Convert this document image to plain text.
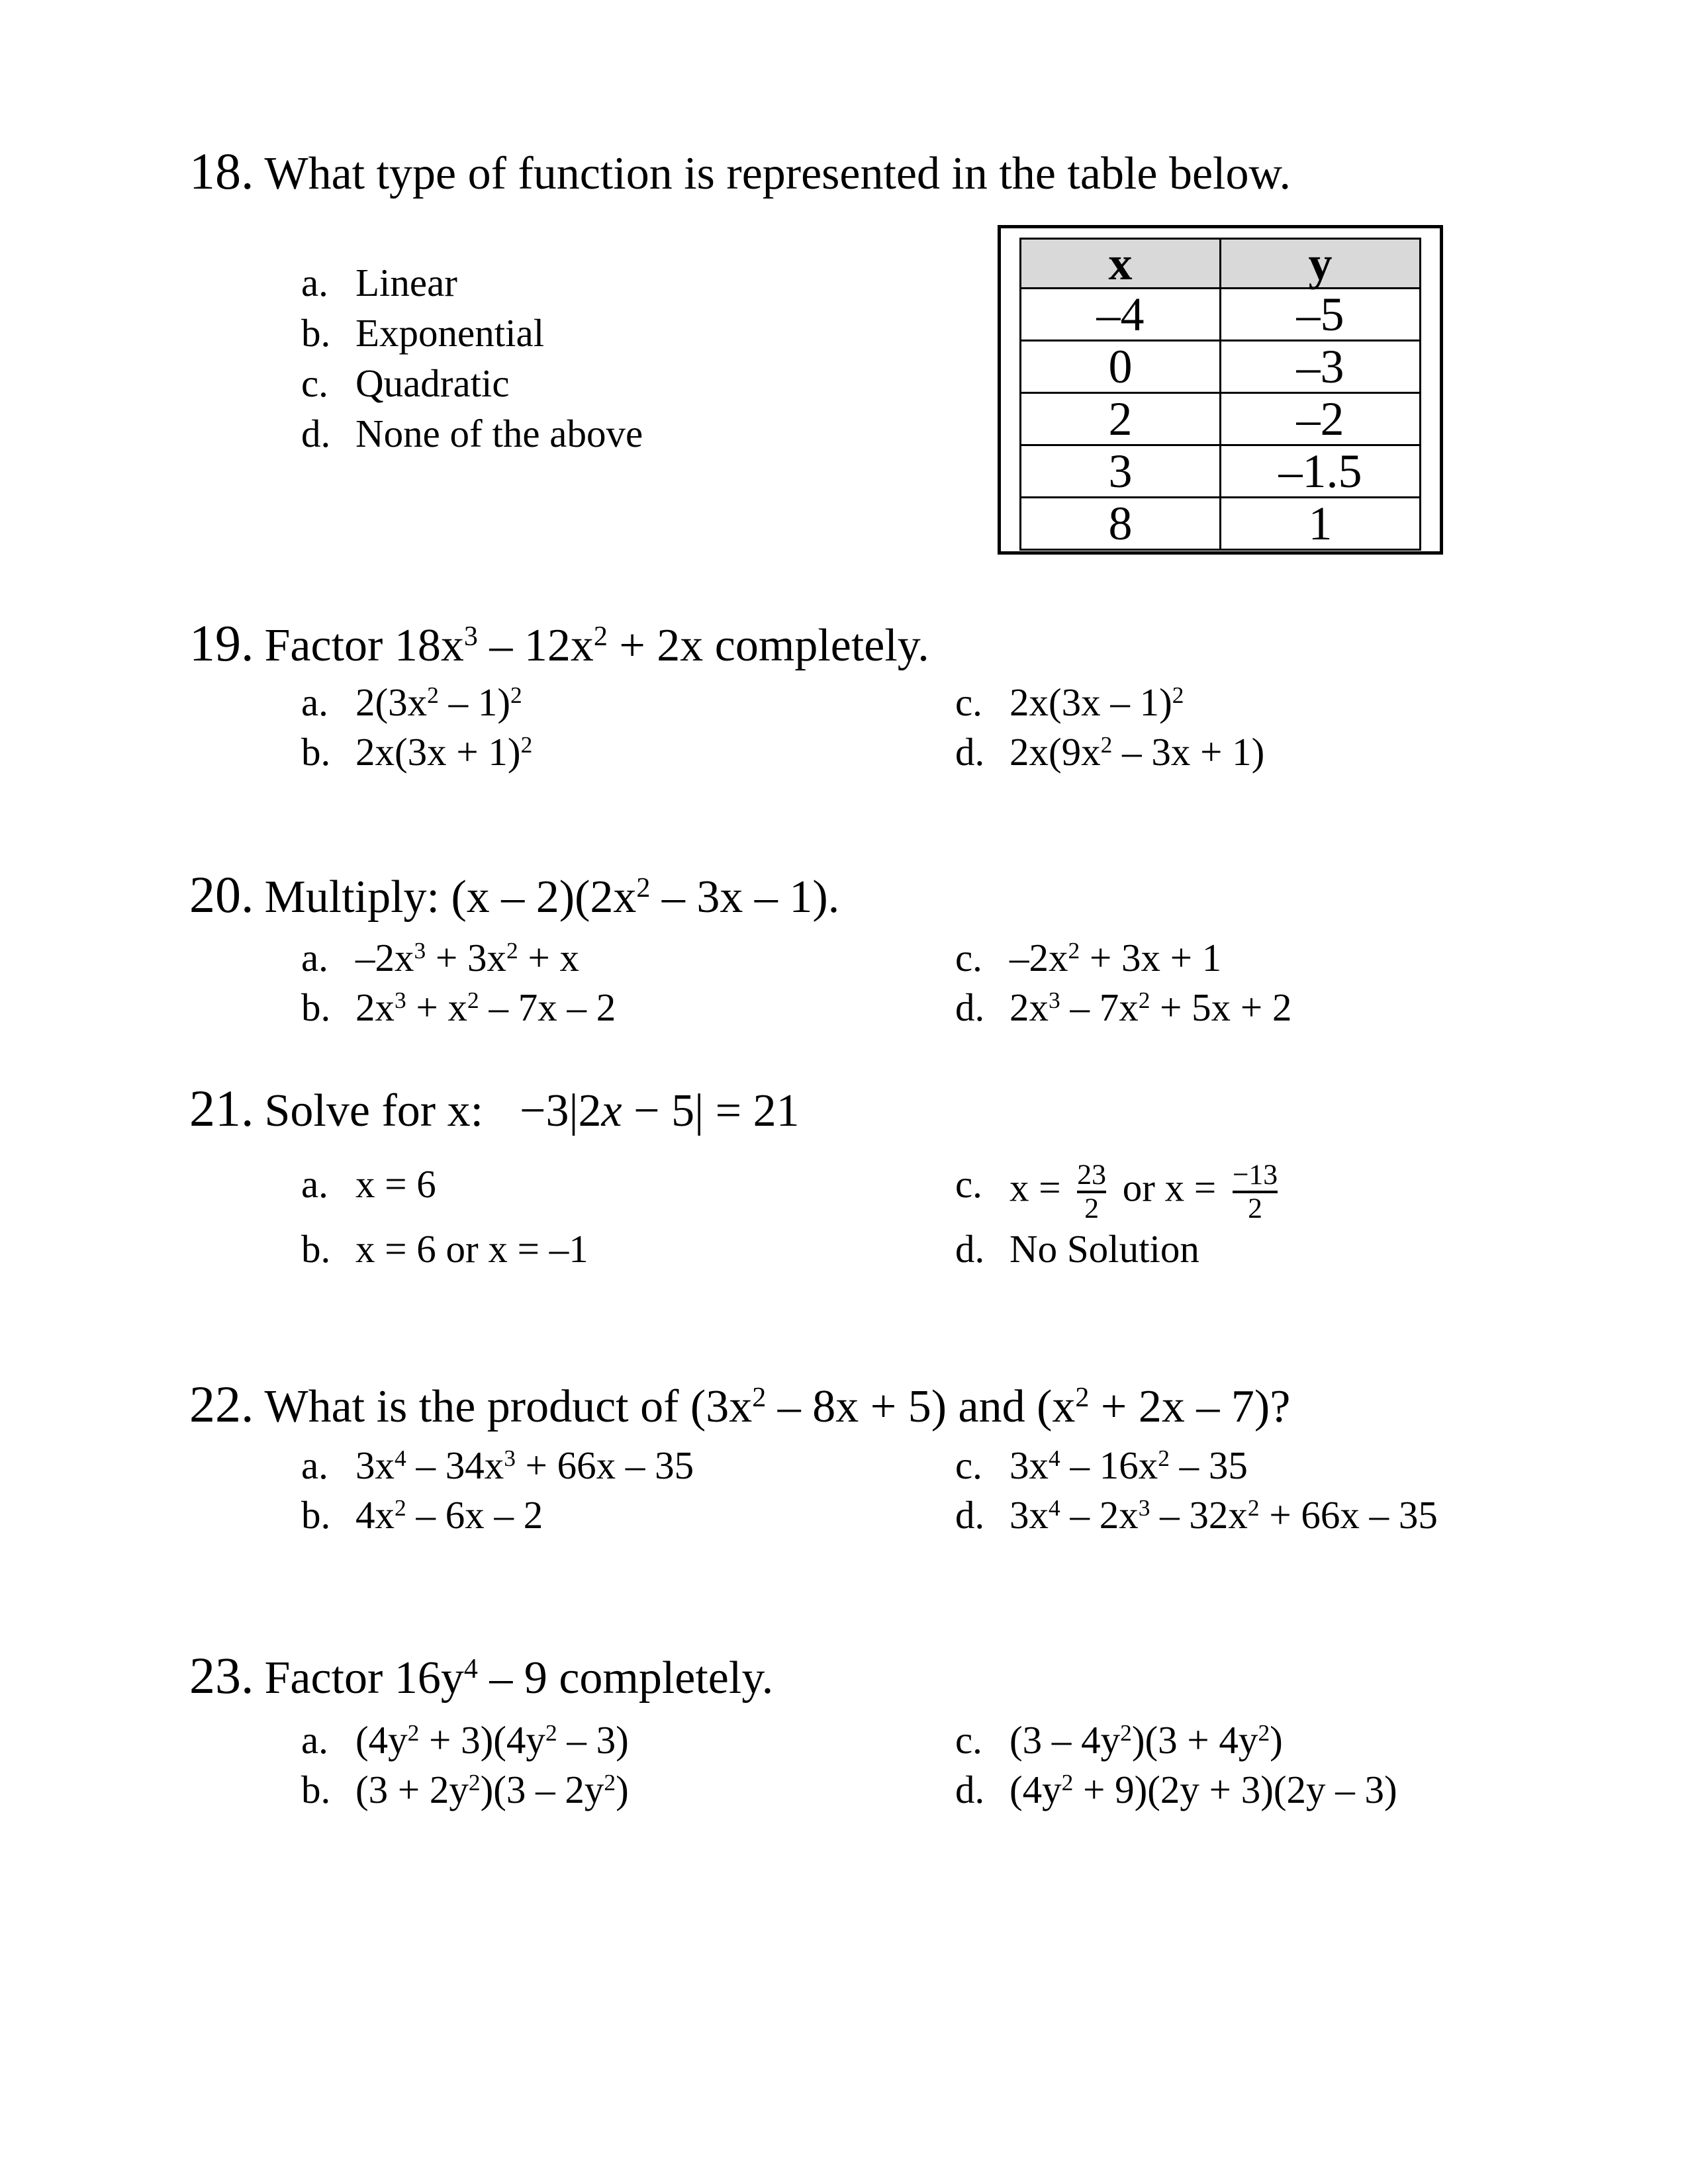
18. What type of function is represented in the table below.
a. Linear
b. Exponential
c. Quadratic
d. None of the above
x	y
–4	–5
0	–3
2	–2
3	–1.5
8	1
19. Factor $18x^3 - 12x^2 + 2x$ completely.
a. $2(3x^2 - 1)^2$	c. 2x(3x – 1)$^2$
b. $2x(3x + 1)^2$	d. $2x(9x^2 - 3x + 1)$
20. Multiply: $(x - 2)(2x^2 - 3x - 1)$.
a. $-2x^3 + 3x^2 + x$	c. $-2x^2 + 3x + 1$
b. $2x^3 + x^2 - 7x - 2$	d. $2x^3 - 7x^2 + 5x + 2$
21. Solve for x: −3|2x − 5| = 21
a. x = 6	c. $x = \frac{23}{2}$ or $x = \frac{-13}{2}$
b. x = 6 or x = –1	d. No Solution
22. What is the product of $(3x^2 - 8x + 5)$ and $(x^2 + 2x - 7)$?
a. $3x^4 - 34x^3 + 66x - 35$	c. $3x^4 - 16x^2 - 35$
b. $4x^2 - 6x - 2$	d. $3x^4 - 2x^3 - 32x^2 + 66x - 35$
23. Factor $16y^4 - 9$ completely.
a. $(4y^2 + 3)(4y^2 - 3)$	c. $(3 - 4y^2)(3 + 4y^2)$
b. $(3 + 2y^2)(3 - 2y^2)$	d. $(4y^2 + 9)(2y + 3)(2y - 3)$
